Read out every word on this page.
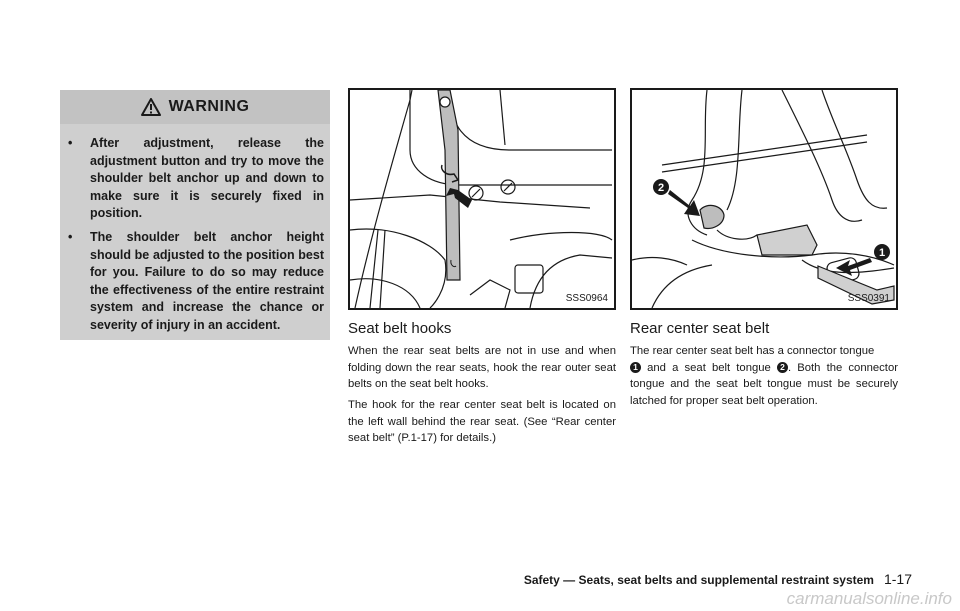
WARNING
• After adjustment, release the adjustment button and try to move the shoulder belt anchor up and down to make sure it is securely fixed in position.
• The shoulder belt anchor height should be adjusted to the position best for you. Failure to do so may reduce the effectiveness of the entire restraint system and increase the chance or severity of injury in an accident.
SSS0964
2
1
SSS0391
Seat belt hooks

When the rear seat belts are not in use and when folding down the rear seats, hook the rear outer seat belts on the seat belt hooks.

The hook for the rear center seat belt is located on the left wall behind the rear seat. (See “Rear center seat belt” (P.1-17) for details.)

Rear center seat belt

The rear center seat belt has a connector tongue
1 and a seat belt tongue 2 . Both the connector tongue and the seat belt tongue must be securely latched for proper seat belt operation.

Safety — Seats, seat belts and supplemental restraint system 1-17
carmanualsonline.info
